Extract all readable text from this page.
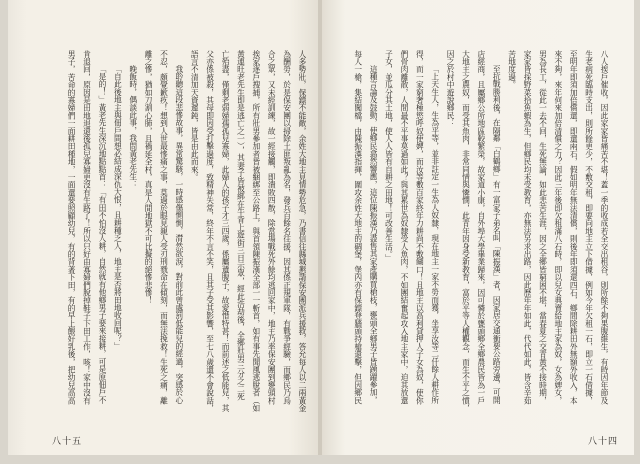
人多勢壯，保鏢不能敵，余姓大地主見情勢危急，乃書信往縣城懇請保安團派兵援救，答允每人以二兩黃金
為酬勞，於是保安團以掃除土匪叛亂為名，發兵百餘名往援，因其係正規軍隊，有戰爭經驗，而鄉民乃烏
合之眾，又未經訓練，故一經接觸，即潰敗四散，除當場戰死外餘均逃回家中，地主乃率保安團到甕頭村
挨家逐戶搜捕，所有壯男參加者皆被綑綁至公路上，與首領陳振漢全部一一斬首，如有事先聞風逃脫者（如
黃連旺老先生即是逃亡之一），其妻子皆被綁在牛背上遊街三日示眾，經此浩劫後，全鄉壯男三分之二死
亡殆盡，僅剩老弱婦孺孤兒寡婦，此婦人的孩子才三四歲，係屬遺腹子，故愛惜特甚！而前述之低能兒，其
父亦係被殺，其母即因受打擊過度，致精神失常，終年不言不笑，且其子受其影響，至七八歲還不會說話，
語言不清加天資遲鈍，皆是由此而來。
我聆聽這段悲慘故事，異常驚駭，一時感傷惻惻，潸然欲淚，對前此曾處罰低能兒的經過，突感於心
不忍，頗覺歉疚！想到人世最慘痛之事，莫過於眼見親人受刃刑戮命在傾刻，而無法挽救！生死之痛，離
離之慘，猶如刀割心肺，且禍延全村，真是人間地獄不可比擬的絕慘悲慘！
晚飯時，偶談此事，我問黃老先生：
「自此後地主與佃戶間想必結成深仇大恨，且耕種乏人，地主是否將田地收回呢？」
「是的！」黃老先生深沉地點點首：「有田不怕沒人耕，自然就有他鄉男子要來接耕，可是原佃戶不
肯退回，原因是田地退還後孤兒寡婦更沒有生路了！所以只好由寡婦們脫掉鞋子下田工作，咳！家中沒有
男子，苦命的寡婦們一面耕田種地，一面還要照顧幼兒，有的背著下田，有的早上餵好乳後，把幼兒高高
八十五
八人挨戶催收，因此家家皆痛苦不堪！蓋一季的收成若全交出租谷，則所餘不夠果腹維生，有時因年節及
生老病死臨時支出，則所餘更少，不敷交租，即要向地主立下借據，例如今年欠租一石，即立一石借據，
至明年即須加倍償還，即還兩石，假如明年無法清償，則後年即須還四石，鄉間除耕田外無額外收入，本
來不夠，來年何來加倍清償之力？因此三年後即欠租滿八石時，即以兒女典賣給地主家為奴，女為婢女，
男為長工，從此一去不回，生死無論，如此悲苦生涯，因之全鄉皆窮困不堪，當春夏之交青黃不接時期，
家家皆採野菜拾魚蝦為生，但鄉民均未受教育，亦無法另求出路，因此歷年年如此，代代如此，皆含辛茹
苦地度過。
至抗戰勝利後，在隔鄰「白鶴鄉」有一富家子弟名叫「陳振漢」者，因家居交通衝要公路旁邊，可開
店經商，且屬鄉公所地區較繁榮，故家道小康，自外埠大學畢業歸來，因可憐於甕頭鄉全鄉農民皆為一戶
大地主之農奴，而受其魚肉，非常同情與憐憫，此青年因身受新教育，富於平等人權觀念，而生不平之憤，
因之於村中遊說鄉民：
「上天生人，生為平等，並非註定一生為人奴隸，現在地主一家不勞而獲，坐享汝等二仟餘人耕作所
得，而一家窮奢極慾呼奴使婢，而汝等數百家終年力耕尚不敷餬口！且地主以高利貸押人子女為奴，使你
們骨肉離散，人間最不平事莫過如此？與其累世為奴隸受人魚肉，不如團結奮起攻入地主家中，迫其放還
子女，並瓜分其土地，使人人皆有自耕之田地！可改善生活。」
這種言論及鼓動，使鄉民翕然響應，這位陳振漢乃盡售其家產購買槍枝，甕頭全鄉男子皆踴躍參加，
每人一槍，集結闖檔，由陳振漢指揮，圍攻余姓大地主的碉堡，堡內亦有保鏢登牆頭持槍還擊，但因鄉民
八十四
